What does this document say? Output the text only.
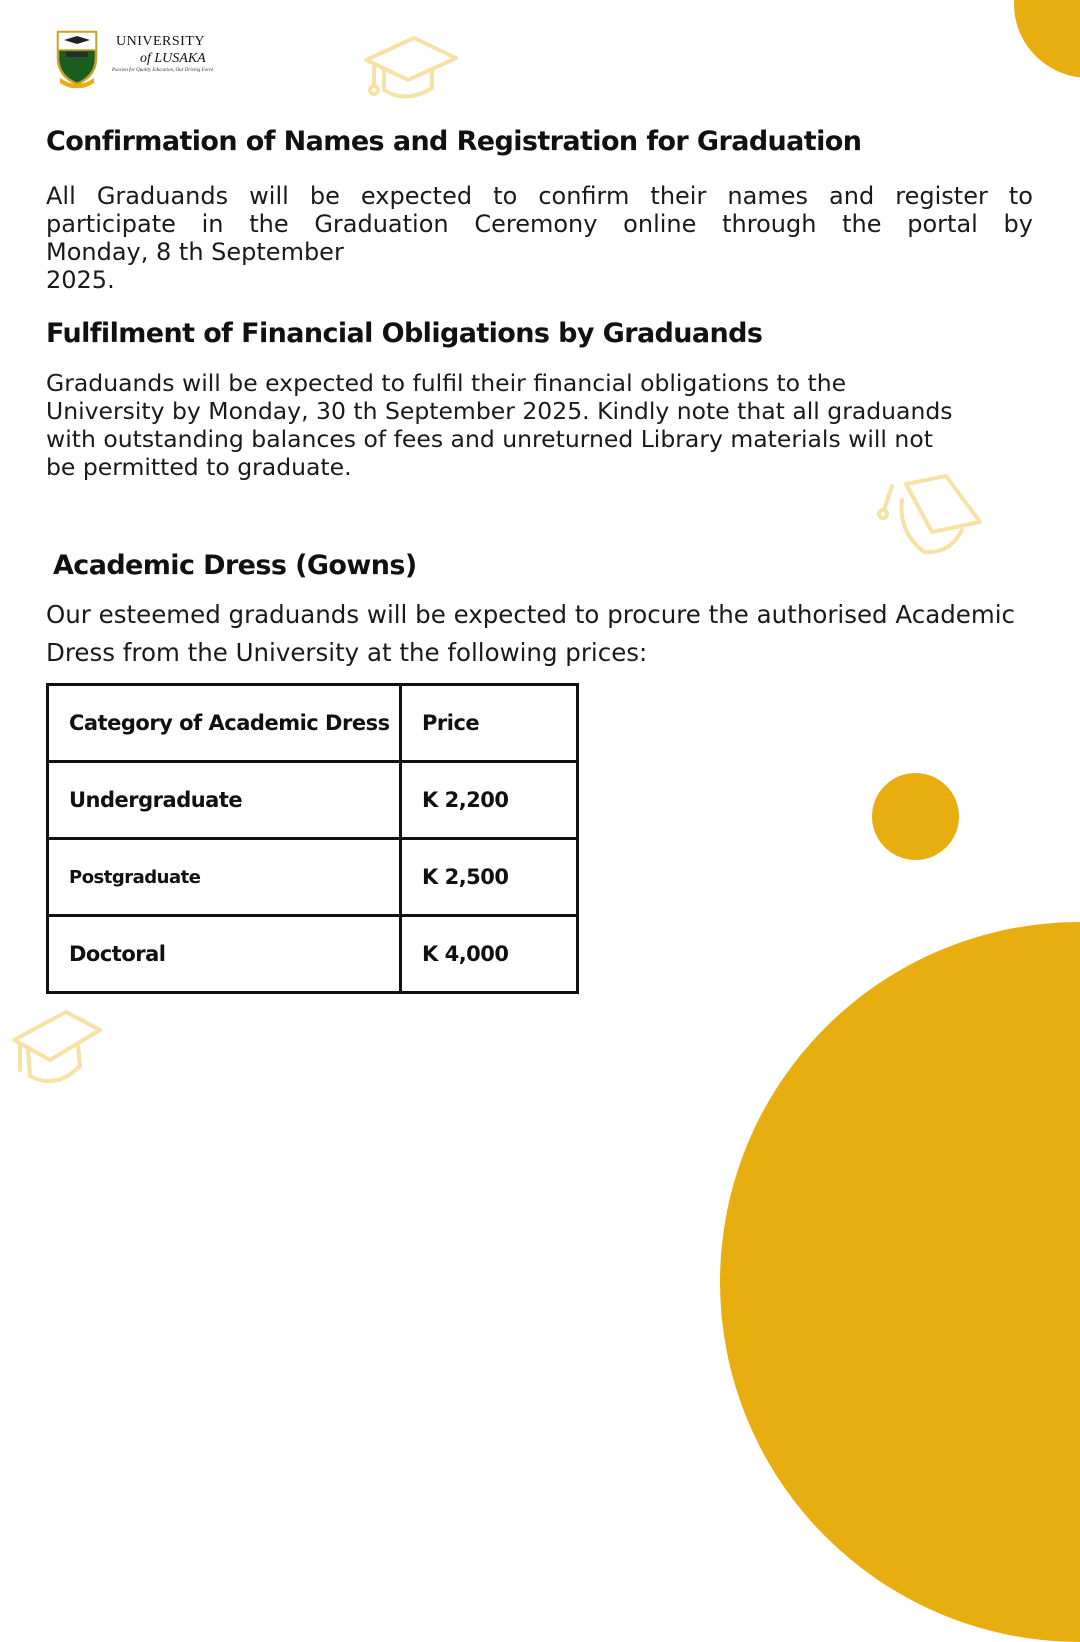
UNIVERSITY
of LUSAKA
Passion for Quality Education, Our Driving Force
Confirmation of Names and Registration for Graduation

All Graduands will be expected to confirm their names and register to
participate in the Graduation Ceremony online through the portal by
Monday, 8 th September
2025.

Fulfilment of Financial Obligations by Graduands

Graduands will be expected to fulfil their financial obligations to the
University by Monday, 30 th September 2025. Kindly note that all graduands
with outstanding balances of fees and unreturned Library materials will not
be permitted to graduate.

Academic Dress (Gowns)

Our esteemed graduands will be expected to procure the authorised Academic
Dress from the University at the following prices:

Category of Academic Dress	Price
Undergraduate	K 2,200
Postgraduate	K 2,500
Doctoral	K 4,000
